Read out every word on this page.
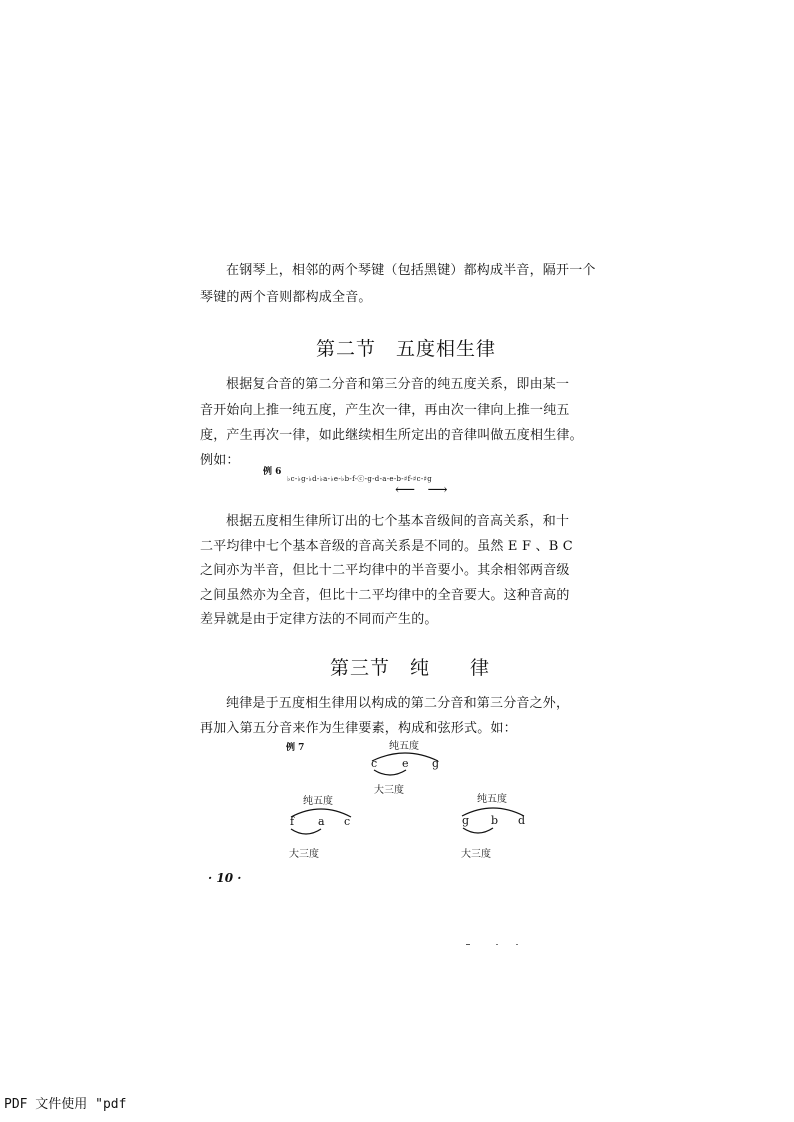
在钢琴上，相邻的两个琴键（包括黑键）都构成半音，隔开一个
琴键的两个音则都构成全音。
第二节　五度相生律
根据复合音的第二分音和第三分音的纯五度关系，即由某一
音开始向上推一纯五度，产生次一律，再由次一律向上推一纯五
度，产生再次一律，如此继续相生所定出的音律叫做五度相生律。
例如：
例 6
♭c-♭g-♭d-♭a-♭e-♭b-f-ⓒ-g-d-a-e-b-♯f-♯c-♯g
⟵ ⟶
根据五度相生律所订出的七个基本音级间的音高关系，和十
二平均律中七个基本音级的音高关系是不同的。虽然 E F 、B C
之间亦为半音，但比十二平均律中的半音要小。其余相邻两音级
之间虽然亦为全音，但比十二平均律中的全音要大。这种音高的
差异就是由于定律方法的不同而产生的。
第三节　纯　　律
纯律是于五度相生律用以构成的第二分音和第三分音之外，
再加入第五分音来作为生律要素，构成和弦形式。如：
例 7	纯五度
c e g
大三度
纯五度
f a c
大三度
纯五度
g b d
大三度
· 10 ·
PDF 文件使用 "pdf
